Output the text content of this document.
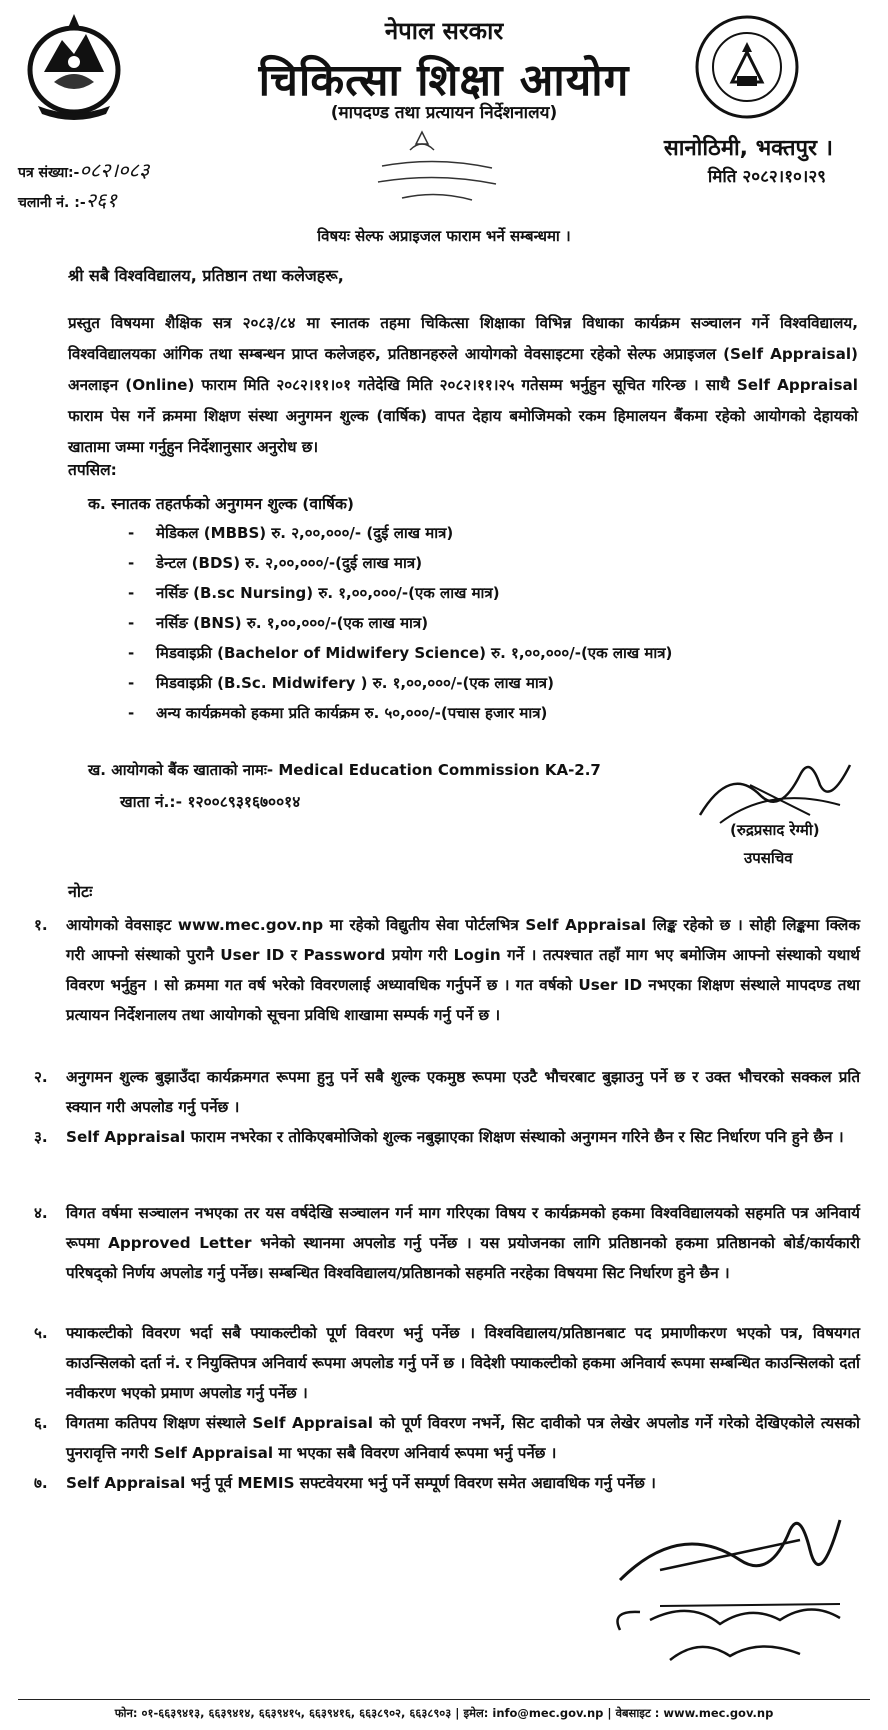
नेपाल सरकार
चिकित्सा शिक्षा आयोग
(मापदण्ड तथा प्रत्यायन निर्देशनालय)
सानोठिमी, भक्तपुर ।
मिति २०८२।१०।२९
पत्र संख्या:-०८२।०८३
चलानी नं. :-२६१
विषयः सेल्फ अप्राइजल फाराम भर्ने सम्बन्धमा ।
श्री सबै विश्वविद्यालय, प्रतिष्ठान तथा कलेजहरू,
प्रस्तुत विषयमा शैक्षिक सत्र २०८३/८४ मा स्नातक तहमा चिकित्सा शिक्षाका विभिन्न विधाका कार्यक्रम सञ्चालन गर्ने विश्वविद्यालय, विश्वविद्यालयका आंगिक तथा सम्बन्धन प्राप्त कलेजहरु, प्रतिष्ठानहरुले आयोगको वेवसाइटमा रहेको सेल्फ अप्राइजल (Self Appraisal) अनलाइन (Online) फाराम मिति २०८२।११।०१ गतेदेखि मिति २०८२।११।२५ गतेसम्म भर्नुहुन सूचित गरिन्छ । साथै Self Appraisal फाराम पेस गर्ने क्रममा शिक्षण संस्था अनुगमन शुल्क (वार्षिक) वापत देहाय बमोजिमको रकम हिमालयन बैंकमा रहेको आयोगको देहायको खातामा जम्मा गर्नुहुन निर्देशानुसार अनुरोध छ।
तपसिल:
क. स्नातक तहतर्फको अनुगमन शुल्क (वार्षिक)
- मेडिकल (MBBS) रु. २,००,०००/- (दुई लाख मात्र)
- डेन्टल (BDS) रु. २,००,०००/-(दुई लाख मात्र)
- नर्सिङ (B.sc Nursing) रु. १,००,०००/-(एक लाख मात्र)
- नर्सिङ (BNS) रु. १,००,०००/-(एक लाख मात्र)
- मिडवाइफ्री (Bachelor of Midwifery Science) रु. १,००,०००/-(एक लाख मात्र)
- मिडवाइफ्री (B.Sc. Midwifery ) रु. १,००,०००/-(एक लाख मात्र)
- अन्य कार्यक्रमको हकमा प्रति कार्यक्रम रु. ५०,०००/-(पचास हजार मात्र)
ख. आयोगको बैंक खाताको नामः- Medical Education Commission KA-2.7
खाता नं.:- १२००८९३१६७००१४
(रुद्रप्रसाद रेग्मी)
उपसचिव
नोटः
१.	आयोगको वेवसाइट www.mec.gov.np मा रहेको विद्युतीय सेवा पोर्टलभित्र Self Appraisal लिङ्क रहेको छ । सोही लिङ्कमा क्लिक गरी आफ्नो संस्थाको पुरानै User ID र Password प्रयोग गरी Login गर्ने । तत्पश्चात तहाँ माग भए बमोजिम आफ्नो संस्थाको यथार्थ विवरण भर्नुहुन । सो क्रममा गत वर्ष भरेको विवरणलाई अध्यावधिक गर्नुपर्ने छ । गत वर्षको User ID नभएका शिक्षण संस्थाले मापदण्ड तथा प्रत्यायन निर्देशनालय तथा आयोगको सूचना प्रविधि शाखामा सम्पर्क गर्नु पर्ने छ ।
२.	अनुगमन शुल्क बुझाउँदा कार्यक्रमगत रूपमा हुनु पर्ने सबै शुल्क एकमुष्ठ रूपमा एउटै भौचरबाट बुझाउनु पर्ने छ र उक्त भौचरको सक्कल प्रति स्क्यान गरी अपलोड गर्नु पर्नेछ ।
३.	Self Appraisal फाराम नभरेका र तोकिएबमोजिको शुल्क नबुझाएका शिक्षण संस्थाको अनुगमन गरिने छैन र सिट निर्धारण पनि हुने छैन ।
४.	विगत वर्षमा सञ्चालन नभएका तर यस वर्षदेखि सञ्चालन गर्न माग गरिएका विषय र कार्यक्रमको हकमा विश्वविद्यालयको सहमति पत्र अनिवार्य रूपमा Approved Letter भनेको स्थानमा अपलोड गर्नु पर्नेछ । यस प्रयोजनका लागि प्रतिष्ठानको हकमा प्रतिष्ठानको बोर्ड/कार्यकारी परिषद्को निर्णय अपलोड गर्नु पर्नेछ। सम्बन्धित विश्वविद्यालय/प्रतिष्ठानको सहमति नरहेका विषयमा सिट निर्धारण हुने छैन ।
५.	फ्याकल्टीको विवरण भर्दा सबै फ्याकल्टीको पूर्ण विवरण भर्नु पर्नेछ । विश्वविद्यालय/प्रतिष्ठानबाट पद प्रमाणीकरण भएको पत्र, विषयगत काउन्सिलको दर्ता नं. र नियुक्तिपत्र अनिवार्य रूपमा अपलोड गर्नु पर्ने छ । विदेशी फ्याकल्टीको हकमा अनिवार्य रूपमा सम्बन्धित काउन्सिलको दर्ता नवीकरण भएको प्रमाण अपलोड गर्नु पर्नेछ ।
६.	विगतमा कतिपय शिक्षण संस्थाले Self Appraisal को पूर्ण विवरण नभर्ने, सिट दावीको पत्र लेखेर अपलोड गर्ने गरेको देखिएकोले त्यसको पुनरावृत्ति नगरी Self Appraisal मा भएका सबै विवरण अनिवार्य रूपमा भर्नु पर्नेछ ।
७.	Self Appraisal भर्नु पूर्व MEMIS सफ्टवेयरमा भर्नु पर्ने सम्पूर्ण विवरण समेत अद्यावधिक गर्नु पर्नेछ ।
फोन: ०१-६६३९४१३, ६६३९४१४, ६६३९४१५, ६६३९४१६, ६६३८९०२, ६६३८९०३ | इमेल: info@mec.gov.np | वेबसाइट : www.mec.gov.np
